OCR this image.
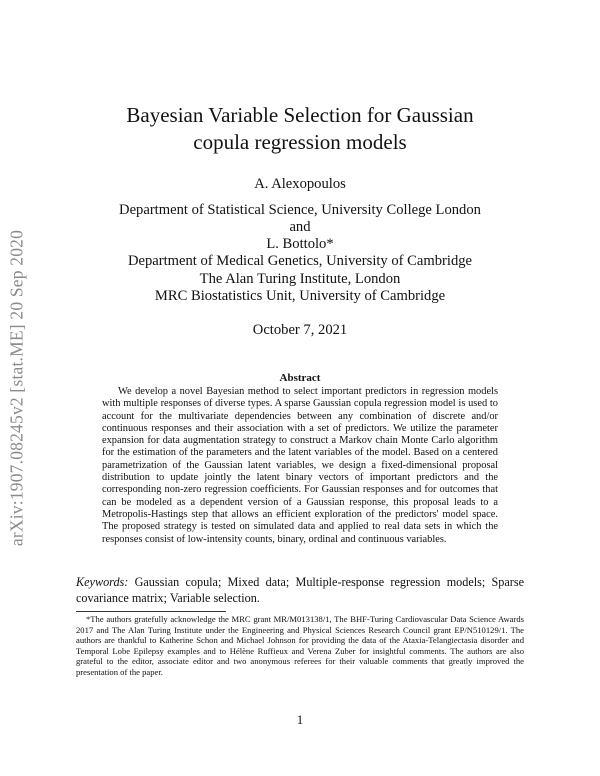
arXiv:1907.08245v2 [stat.ME] 20 Sep 2020
Bayesian Variable Selection for Gaussian
copula regression models
A. Alexopoulos
Department of Statistical Science, University College London
and
L. Bottolo*
Department of Medical Genetics, University of Cambridge
The Alan Turing Institute, London
MRC Biostatistics Unit, University of Cambridge
October 7, 2021
Abstract
We develop a novel Bayesian method to select important predictors in regression models with multiple responses of diverse types. A sparse Gaussian copula regression model is used to account for the multivariate dependencies between any combination of discrete and/or continuous responses and their association with a set of predictors. We utilize the parameter expansion for data augmentation strategy to construct a Markov chain Monte Carlo algorithm for the estimation of the parameters and the latent variables of the model. Based on a centered parametrization of the Gaussian latent variables, we design a fixed-dimensional proposal distribution to update jointly the latent binary vectors of important predictors and the corresponding non-zero regression coefficients. For Gaussian responses and for outcomes that can be modeled as a dependent version of a Gaussian response, this proposal leads to a Metropolis-Hastings step that allows an efficient exploration of the predictors' model space. The proposed strategy is tested on simulated data and applied to real data sets in which the responses consist of low-intensity counts, binary, ordinal and continuous variables.
Keywords: Gaussian copula; Mixed data; Multiple-response regression models; Sparse covariance matrix; Variable selection.
*The authors gratefully acknowledge the MRC grant MR/M013138/1, The BHF-Turing Cardiovascular Data Science Awards 2017 and The Alan Turing Institute under the Engineering and Physical Sciences Research Council grant EP/N510129/1. The authors are thankful to Katherine Schon and Michael Johnson for providing the data of the Ataxia-Telangiectasia disorder and Temporal Lobe Epilepsy examples and to Hélène Ruffieux and Verena Zuber for insightful comments. The authors are also grateful to the editor, associate editor and two anonymous referees for their valuable comments that greatly improved the presentation of the paper.
1
